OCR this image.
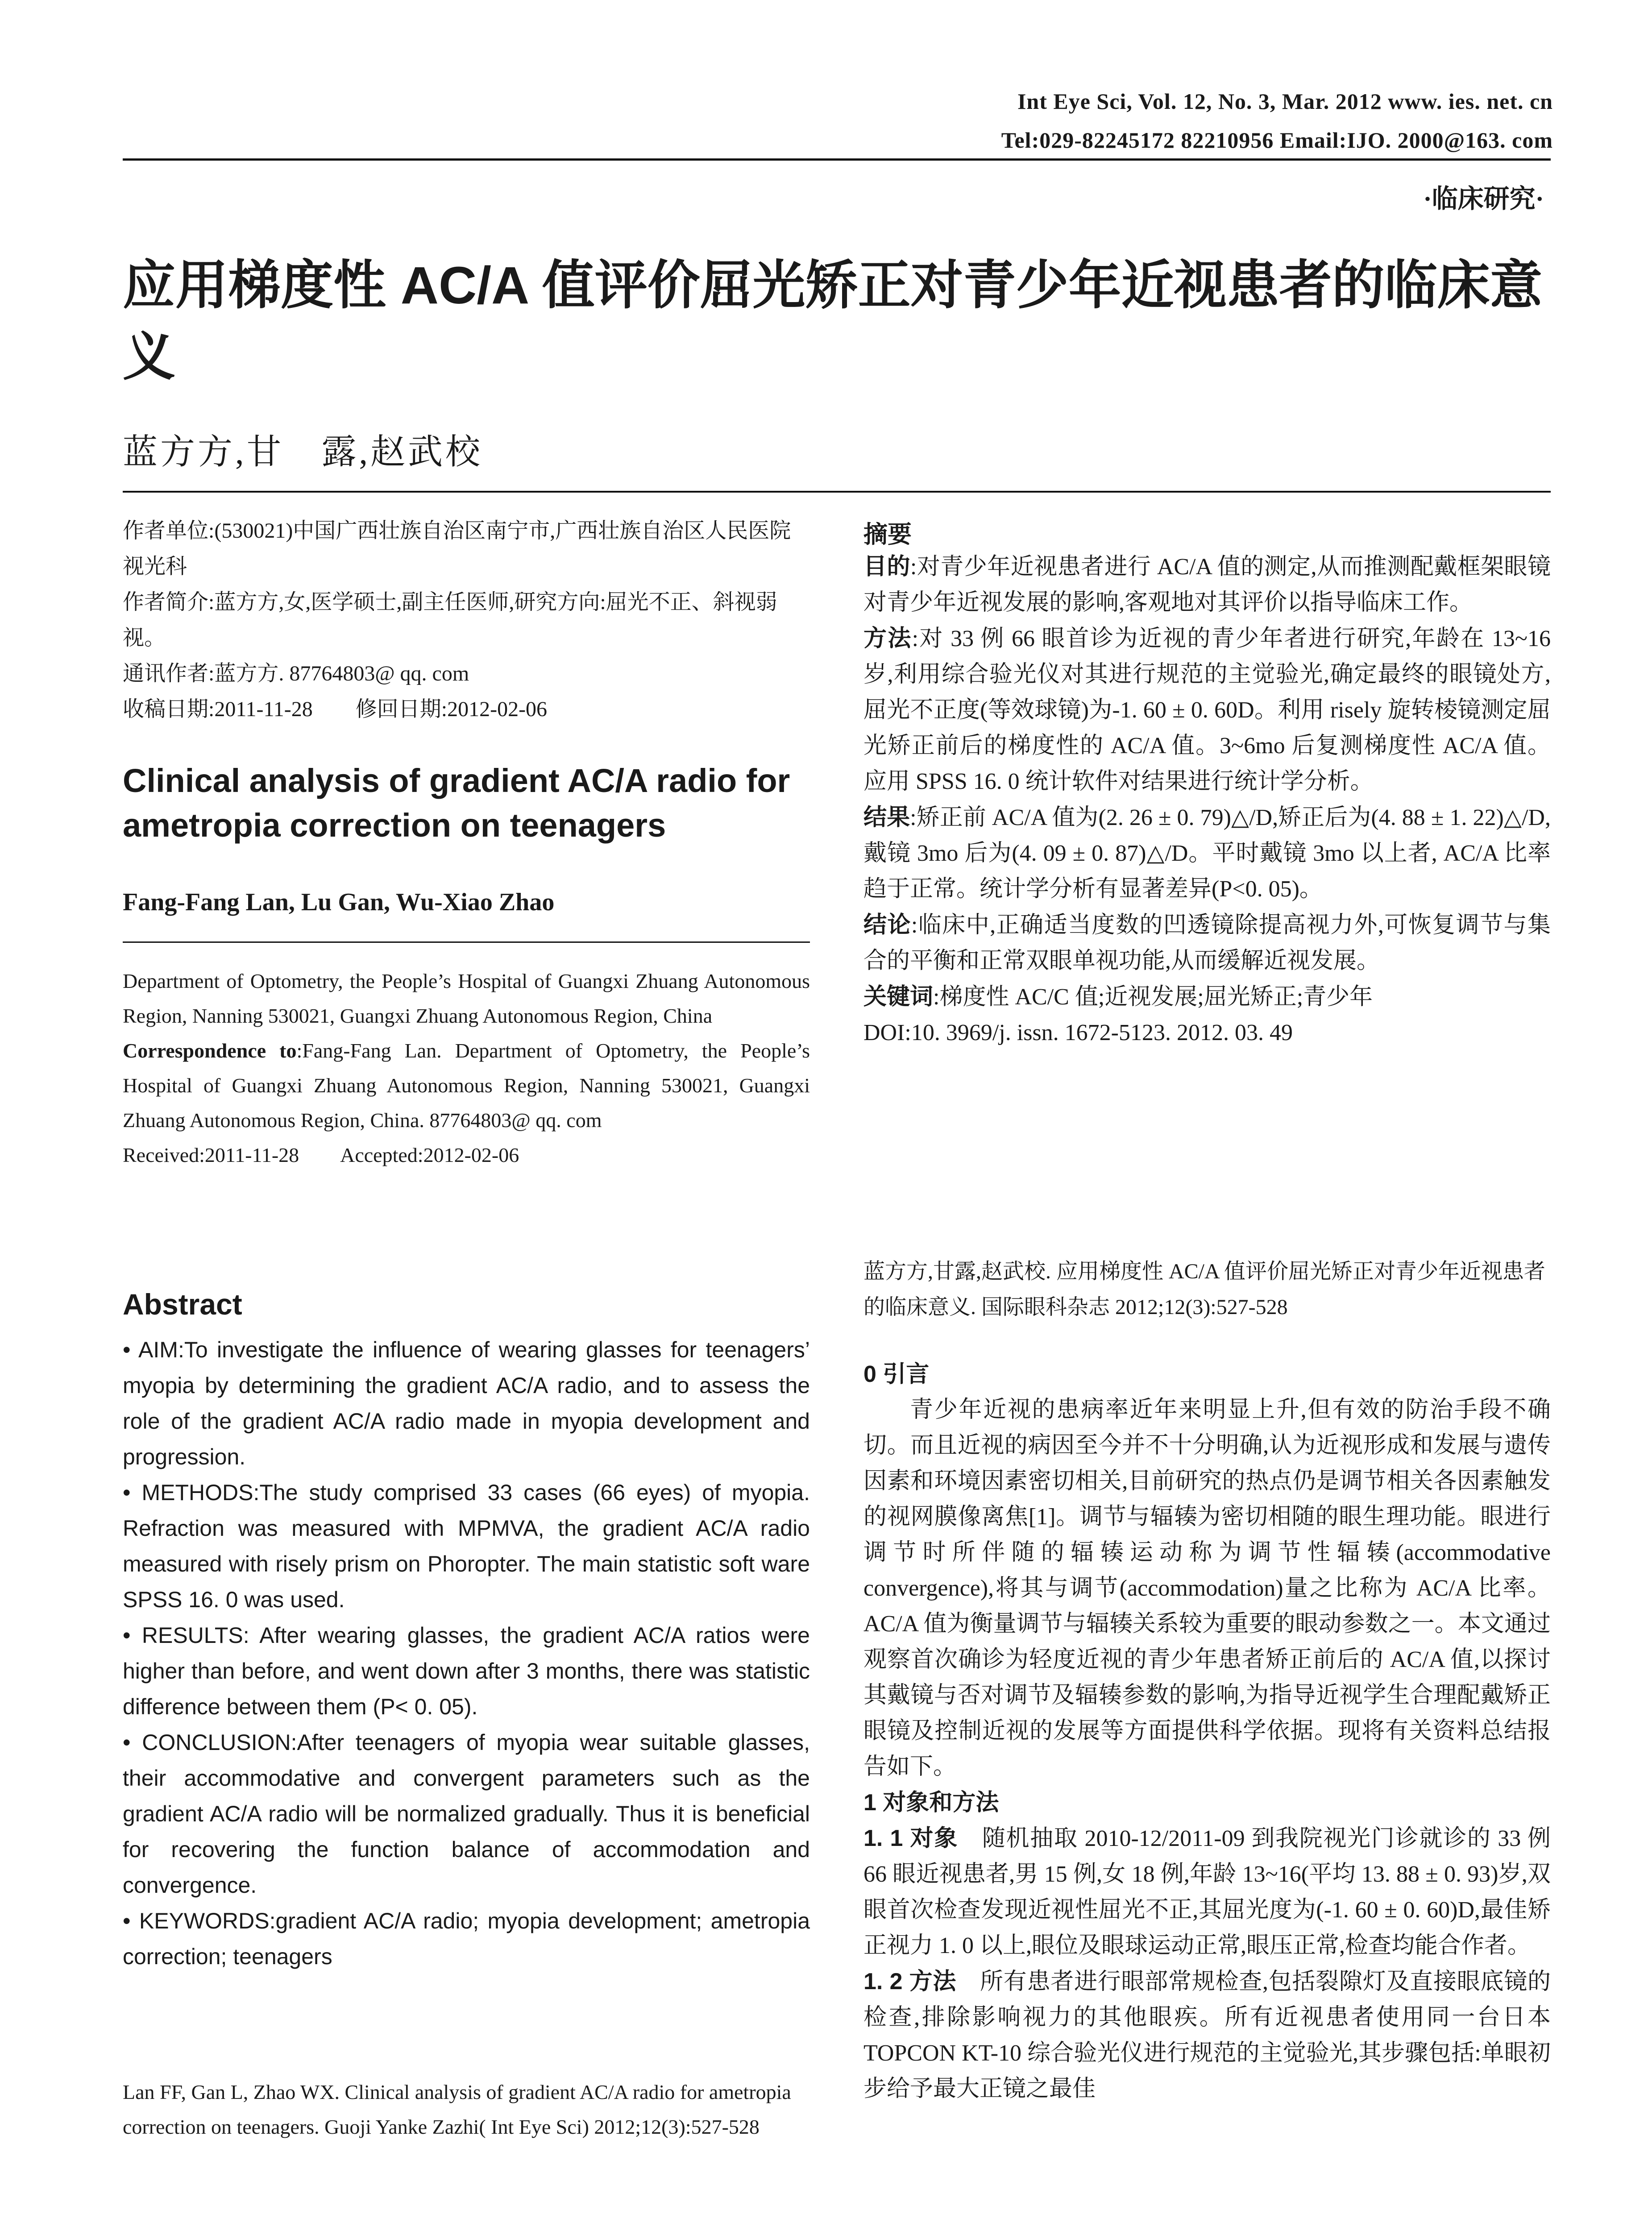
Int Eye Sci, Vol. 12, No. 3, Mar. 2012 www. ies. net. cn
Tel:029-82245172 82210956 Email:IJO. 2000@163. com
·临床研究·
应用梯度性 AC/A 值评价屈光矫正对青少年近视患者的临床意义
蓝方方,甘　露,赵武校
作者单位:(530021)中国广西壮族自治区南宁市,广西壮族自治区人民医院视光科
作者简介:蓝方方,女,医学硕士,副主任医师,研究方向:屈光不正、斜视弱视。
通讯作者:蓝方方. 87764803@ qq. com
收稿日期:2011-11-28　　修回日期:2012-02-06
Clinical analysis of gradient AC/A radio for ametropia correction on teenagers
Fang-Fang Lan, Lu Gan, Wu-Xiao Zhao
Department of Optometry, the People’s Hospital of Guangxi Zhuang Autonomous Region, Nanning 530021, Guangxi Zhuang Autonomous Region, China
Correspondence to:Fang-Fang Lan. Department of Optometry, the People’s Hospital of Guangxi Zhuang Autonomous Region, Nanning 530021, Guangxi Zhuang Autonomous Region, China. 87764803@ qq. com
Received:2011-11-28　　Accepted:2012-02-06
Abstract

• AIM:To investigate the influence of wearing glasses for teenagers’ myopia by determining the gradient AC/A radio, and to assess the role of the gradient AC/A radio made in myopia development and progression.

• METHODS:The study comprised 33 cases (66 eyes) of myopia. Refraction was measured with MPMVA, the gradient AC/A radio measured with risely prism on Phoropter. The main statistic soft ware SPSS 16. 0 was used.

• RESULTS: After wearing glasses, the gradient AC/A ratios were higher than before, and went down after 3 months, there was statistic difference between them (P< 0. 05).

• CONCLUSION:After teenagers of myopia wear suitable glasses, their accommodative and convergent parameters such as the gradient AC/A radio will be normalized gradually. Thus it is beneficial for recovering the function balance of accommodation and convergence.

• KEYWORDS:gradient AC/A radio; myopia development; ametropia correction; teenagers

Lan FF, Gan L, Zhao WX. Clinical analysis of gradient AC/A radio for ametropia correction on teenagers. Guoji Yanke Zazhi( Int Eye Sci) 2012;12(3):527-528
摘要

目的:对青少年近视患者进行 AC/A 值的测定,从而推测配戴框架眼镜对青少年近视发展的影响,客观地对其评价以指导临床工作。

方法:对 33 例 66 眼首诊为近视的青少年者进行研究,年龄在 13~16 岁,利用综合验光仪对其进行规范的主觉验光,确定最终的眼镜处方,屈光不正度(等效球镜)为-1. 60 ± 0. 60D。利用 risely 旋转棱镜测定屈光矫正前后的梯度性的 AC/A 值。3~6mo 后复测梯度性 AC/A 值。应用 SPSS 16. 0 统计软件对结果进行统计学分析。

结果:矫正前 AC/A 值为(2. 26 ± 0. 79)△/D,矫正后为(4. 88 ± 1. 22)△/D,戴镜 3mo 后为(4. 09 ± 0. 87)△/D。平时戴镜 3mo 以上者, AC/A 比率趋于正常。统计学分析有显著差异(P<0. 05)。

结论:临床中,正确适当度数的凹透镜除提高视力外,可恢复调节与集合的平衡和正常双眼单视功能,从而缓解近视发展。

关键词:梯度性 AC/C 值;近视发展;屈光矫正;青少年

DOI:10. 3969/j. issn. 1672-5123. 2012. 03. 49

蓝方方,甘露,赵武校. 应用梯度性 AC/A 值评价屈光矫正对青少年近视患者的临床意义. 国际眼科杂志 2012;12(3):527-528

0 引言

青少年近视的患病率近年来明显上升,但有效的防治手段不确切。而且近视的病因至今并不十分明确,认为近视形成和发展与遗传因素和环境因素密切相关,目前研究的热点仍是调节相关各因素触发的视网膜像离焦[1]。调节与辐辏为密切相随的眼生理功能。眼进行调节时所伴随的辐辏运动称为调节性辐辏(accommodative convergence),将其与调节(accommodation)量之比称为 AC/A 比率。AC/A 值为衡量调节与辐辏关系较为重要的眼动参数之一。本文通过观察首次确诊为轻度近视的青少年患者矫正前后的 AC/A 值,以探讨其戴镜与否对调节及辐辏参数的影响,为指导近视学生合理配戴矫正眼镜及控制近视的发展等方面提供科学依据。现将有关资料总结报告如下。

1 对象和方法

1. 1 对象　随机抽取 2010-12/2011-09 到我院视光门诊就诊的 33 例 66 眼近视患者,男 15 例,女 18 例,年龄 13~16(平均 13. 88 ± 0. 93)岁,双眼首次检查发现近视性屈光不正,其屈光度为(-1. 60 ± 0. 60)D,最佳矫正视力 1. 0 以上,眼位及眼球运动正常,眼压正常,检查均能合作者。

1. 2 方法　所有患者进行眼部常规检查,包括裂隙灯及直接眼底镜的检查,排除影响视力的其他眼疾。所有近视患者使用同一台日本 TOPCON KT-10 综合验光仪进行规范的主觉验光,其步骤包括:单眼初步给予最大正镜之最佳
